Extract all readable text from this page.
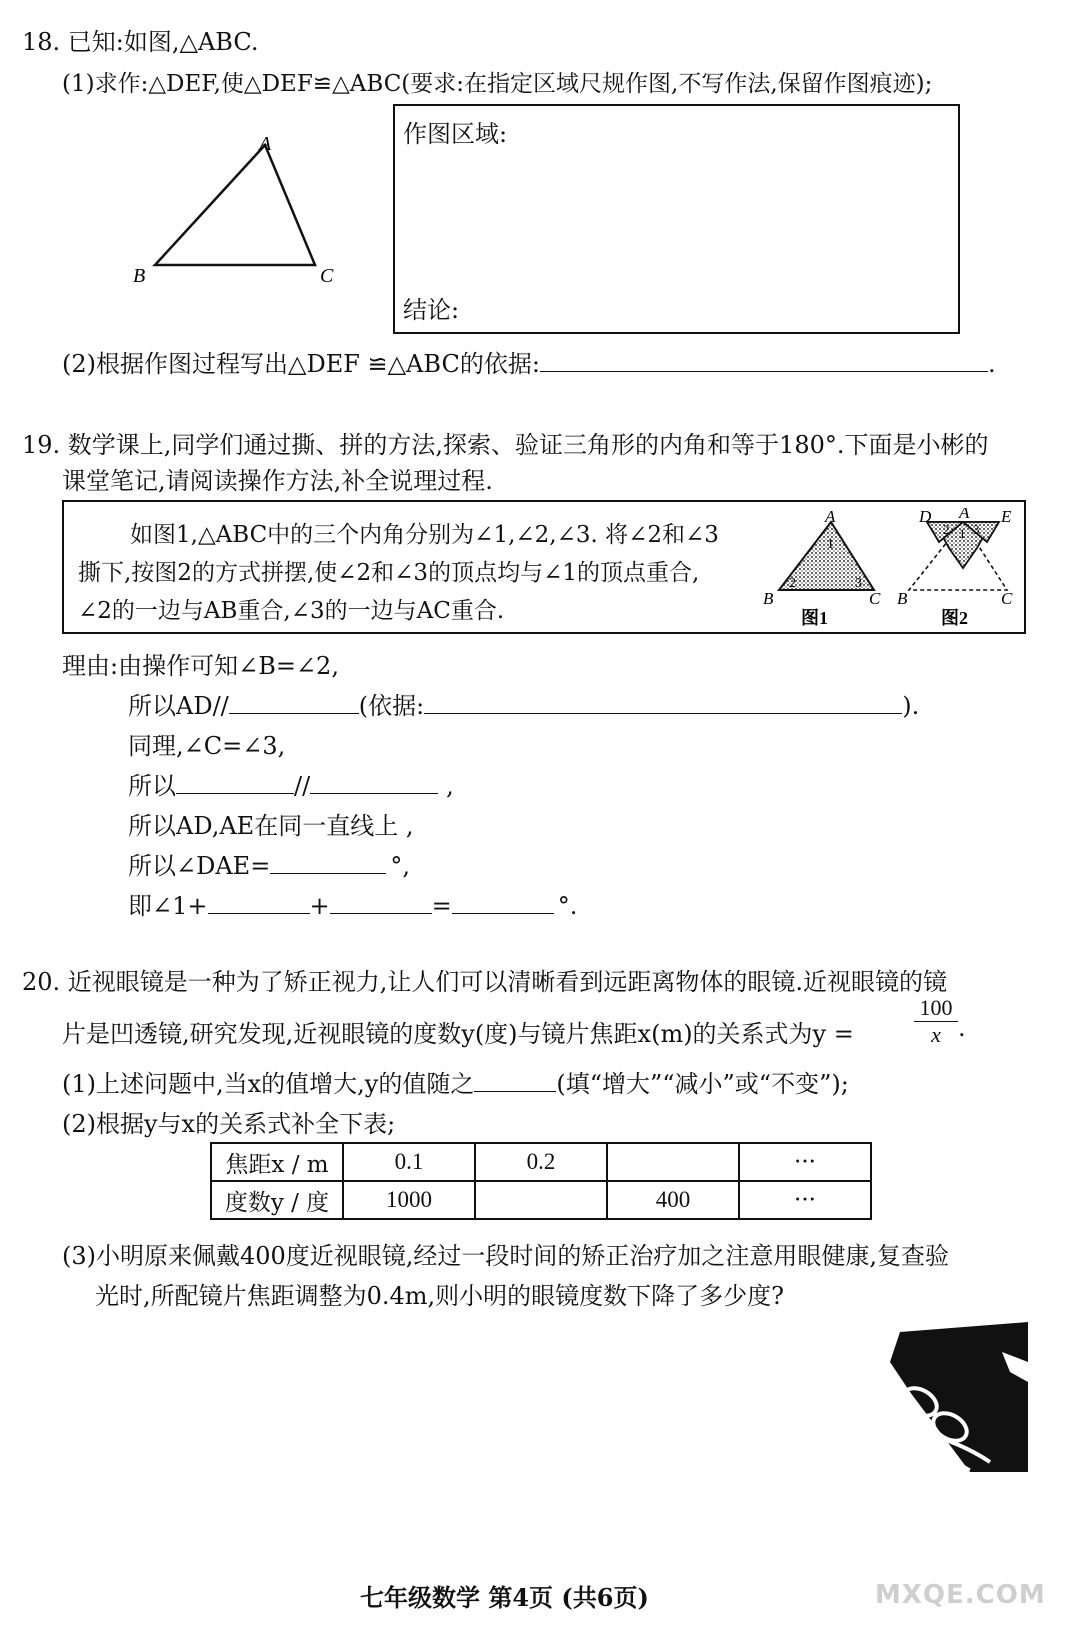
18. 已知:如图,△ABC.
(1)求作:△DEF,使△DEF≌△ABC(要求:在指定区域尺规作图,不写作法,保留作图痕迹);
A
B	C
作图区域:
结论:
(2)根据作图过程写出△DEF ≌△ABC的依据:	.
19. 数学课上,同学们通过撕、拼的方法,探索、验证三角形的内角和等于180°.下面是小彬的
课堂笔记,请阅读操作方法,补全说理过程.
如图1,△ABC中的三个内角分别为∠1,∠2,∠3. 将∠2和∠3
撕下,按图2的方式拼摆,使∠2和∠3的顶点均与∠1的顶点重合,
∠2的一边与AB重合,∠3的一边与AC重合.
A
B	C
1
2	3
图1
D A E
B	C
2 1 3
图2
理由:由操作可知∠B=∠2,
所以AD//	(依据:	).
同理,∠C=∠3,
所以	//	,
所以AD,AE在同一直线上 ,
所以∠DAE=	°,
即∠1+	+	=	°.
20. 近视眼镜是一种为了矫正视力,让人们可以清晰看到远距离物体的眼镜.近视眼镜的镜
片是凹透镜,研究发现,近视眼镜的度数y(度)与镜片焦距x(m)的关系式为y =
100
x .
(1)上述问题中,当x的值增大,y的值随之	(填“增大”“减小”或“不变”);
(2)根据y与x的关系式补全下表;
焦距x / m	0.1	0.2		···
度数y / 度	1000		400	···
(3)小明原来佩戴400度近视眼镜,经过一段时间的矫正治疗加之注意用眼健康,复查验
光时,所配镜片焦距调整为0.4m,则小明的眼镜度数下降了多少度?
七年级数学 第4页 (共6页)	MXQE.COM
